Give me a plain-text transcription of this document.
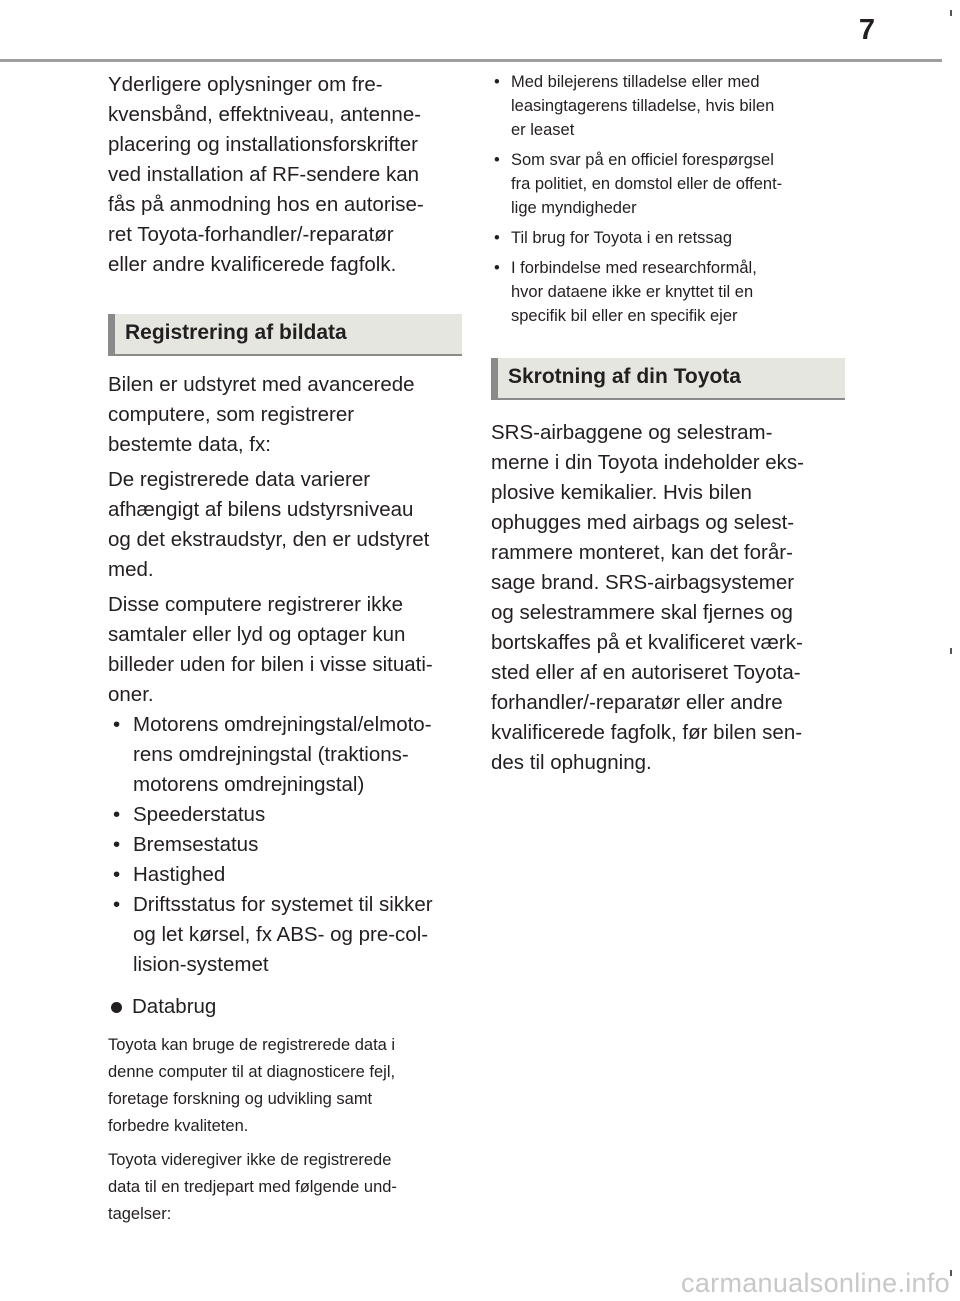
7
Yderligere oplysninger om fre-
kvensbånd, effektniveau, antenne-
placering og installationsforskrifter
ved installation af RF-sendere kan
fås på anmodning hos en autorise-
ret Toyota-forhandler/-reparatør
eller andre kvalificerede fagfolk.
Registrering af bildata
Bilen er udstyret med avancerede
computere, som registrerer
bestemte data, fx:
De registrerede data varierer
afhængigt af bilens udstyrsniveau
og det ekstraudstyr, den er udstyret
med.
Disse computere registrerer ikke
samtaler eller lyd og optager kun
billeder uden for bilen i visse situati-
oner.
• Motorens omdrejningstal/elmoto-
rens omdrejningstal (traktions-
motorens omdrejningstal)
• Speederstatus
• Bremsestatus
• Hastighed
• Driftsstatus for systemet til sikker
og let kørsel, fx ABS- og pre-col-
lision-systemet
Databrug
Toyota kan bruge de registrerede data i
denne computer til at diagnosticere fejl,
foretage forskning og udvikling samt
forbedre kvaliteten.
Toyota videregiver ikke de registrerede
data til en tredjepart med følgende und-
tagelser:
• Med bilejerens tilladelse eller med
leasingtagerens tilladelse, hvis bilen
er leaset
• Som svar på en officiel forespørgsel
fra politiet, en domstol eller de offent-
lige myndigheder
• Til brug for Toyota i en retssag
• I forbindelse med researchformål,
hvor dataene ikke er knyttet til en
specifik bil eller en specifik ejer
Skrotning af din Toyota
SRS-airbaggene og selestram-
merne i din Toyota indeholder eks-
plosive kemikalier. Hvis bilen
ophugges med airbags og selest-
rammere monteret, kan det forår-
sage brand. SRS-airbagsystemer
og selestrammere skal fjernes og
bortskaffes på et kvalificeret værk-
sted eller af en autoriseret Toyota-
forhandler/-reparatør eller andre
kvalificerede fagfolk, før bilen sen-
des til ophugning.
carmanualsonline.info
